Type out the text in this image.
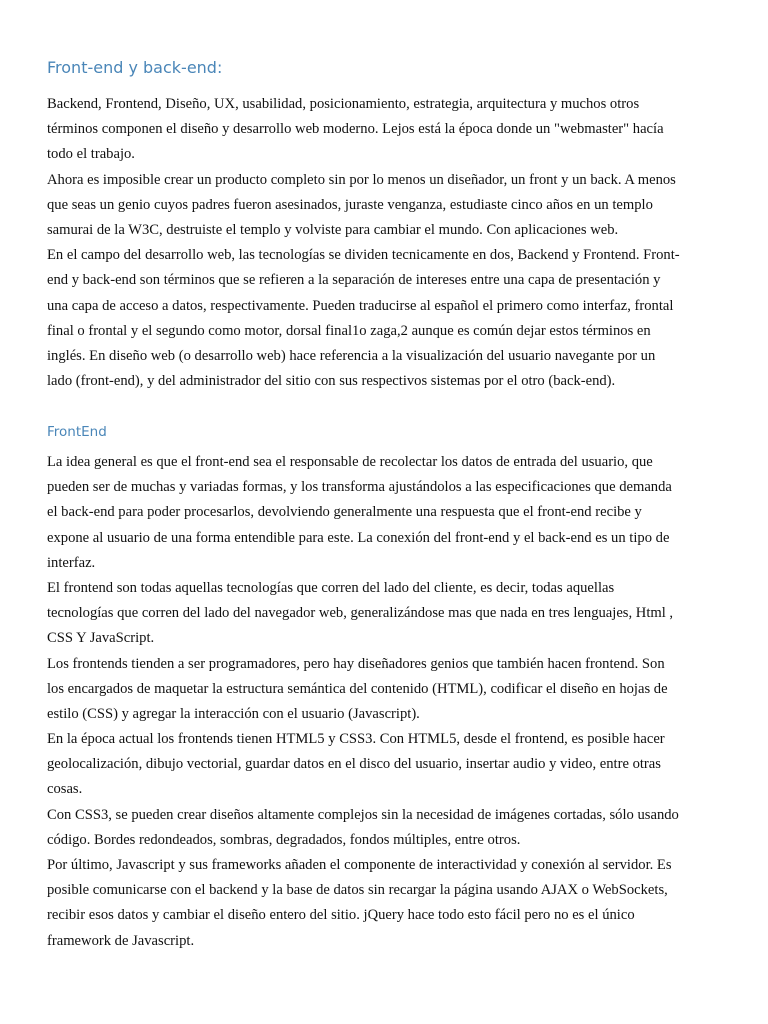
Front-end y back-end:

Backend, Frontend, Diseño, UX, usabilidad, posicionamiento, estrategia, arquitectura y muchos otros

términos componen el diseño y desarrollo web moderno. Lejos está la época donde un "webmaster" hacía

todo el trabajo.

Ahora es imposible crear un producto completo sin por lo menos un diseñador, un front y un back. A menos

que seas un genio cuyos padres fueron asesinados, juraste venganza, estudiaste cinco años en un templo

samurai de la W3C, destruiste el templo y volviste para cambiar el mundo. Con aplicaciones web.

En el campo del desarrollo web, las tecnologías se dividen tecnicamente en dos, Backend y Frontend. Front-

end y back-end son términos que se refieren a la separación de intereses entre una capa de presentación y

una capa de acceso a datos, respectivamente. Pueden traducirse al español el primero como interfaz, frontal

final o frontal y el segundo como motor, dorsal final1o zaga,2 aunque es común dejar estos términos en

inglés. En diseño web (o desarrollo web) hace referencia a la visualización del usuario navegante por un

lado (front-end), y del administrador del sitio con sus respectivos sistemas por el otro (back-end).

FrontEnd

La idea general es que el front-end sea el responsable de recolectar los datos de entrada del usuario, que

pueden ser de muchas y variadas formas, y los transforma ajustándolos a las especificaciones que demanda

el back-end para poder procesarlos, devolviendo generalmente una respuesta que el front-end recibe y

expone al usuario de una forma entendible para este. La conexión del front-end y el back-end es un tipo de

interfaz.

El frontend son todas aquellas tecnologías que corren del lado del cliente, es decir, todas aquellas

tecnologías que corren del lado del navegador web, generalizándose mas que nada en tres lenguajes, Html ,

CSS Y JavaScript.

Los frontends tienden a ser programadores, pero hay diseñadores genios que también hacen frontend. Son

los encargados de maquetar la estructura semántica del contenido (HTML), codificar el diseño en hojas de

estilo (CSS) y agregar la interacción con el usuario (Javascript).

En la época actual los frontends tienen HTML5 y CSS3. Con HTML5, desde el frontend, es posible hacer

geolocalización, dibujo vectorial, guardar datos en el disco del usuario, insertar audio y video, entre otras

cosas.

Con CSS3, se pueden crear diseños altamente complejos sin la necesidad de imágenes cortadas, sólo usando

código. Bordes redondeados, sombras, degradados, fondos múltiples, entre otros.

Por último, Javascript y sus frameworks añaden el componente de interactividad y conexión al servidor. Es

posible comunicarse con el backend y la base de datos sin recargar la página usando AJAX o WebSockets,

recibir esos datos y cambiar el diseño entero del sitio. jQuery hace todo esto fácil pero no es el único

framework de Javascript.
